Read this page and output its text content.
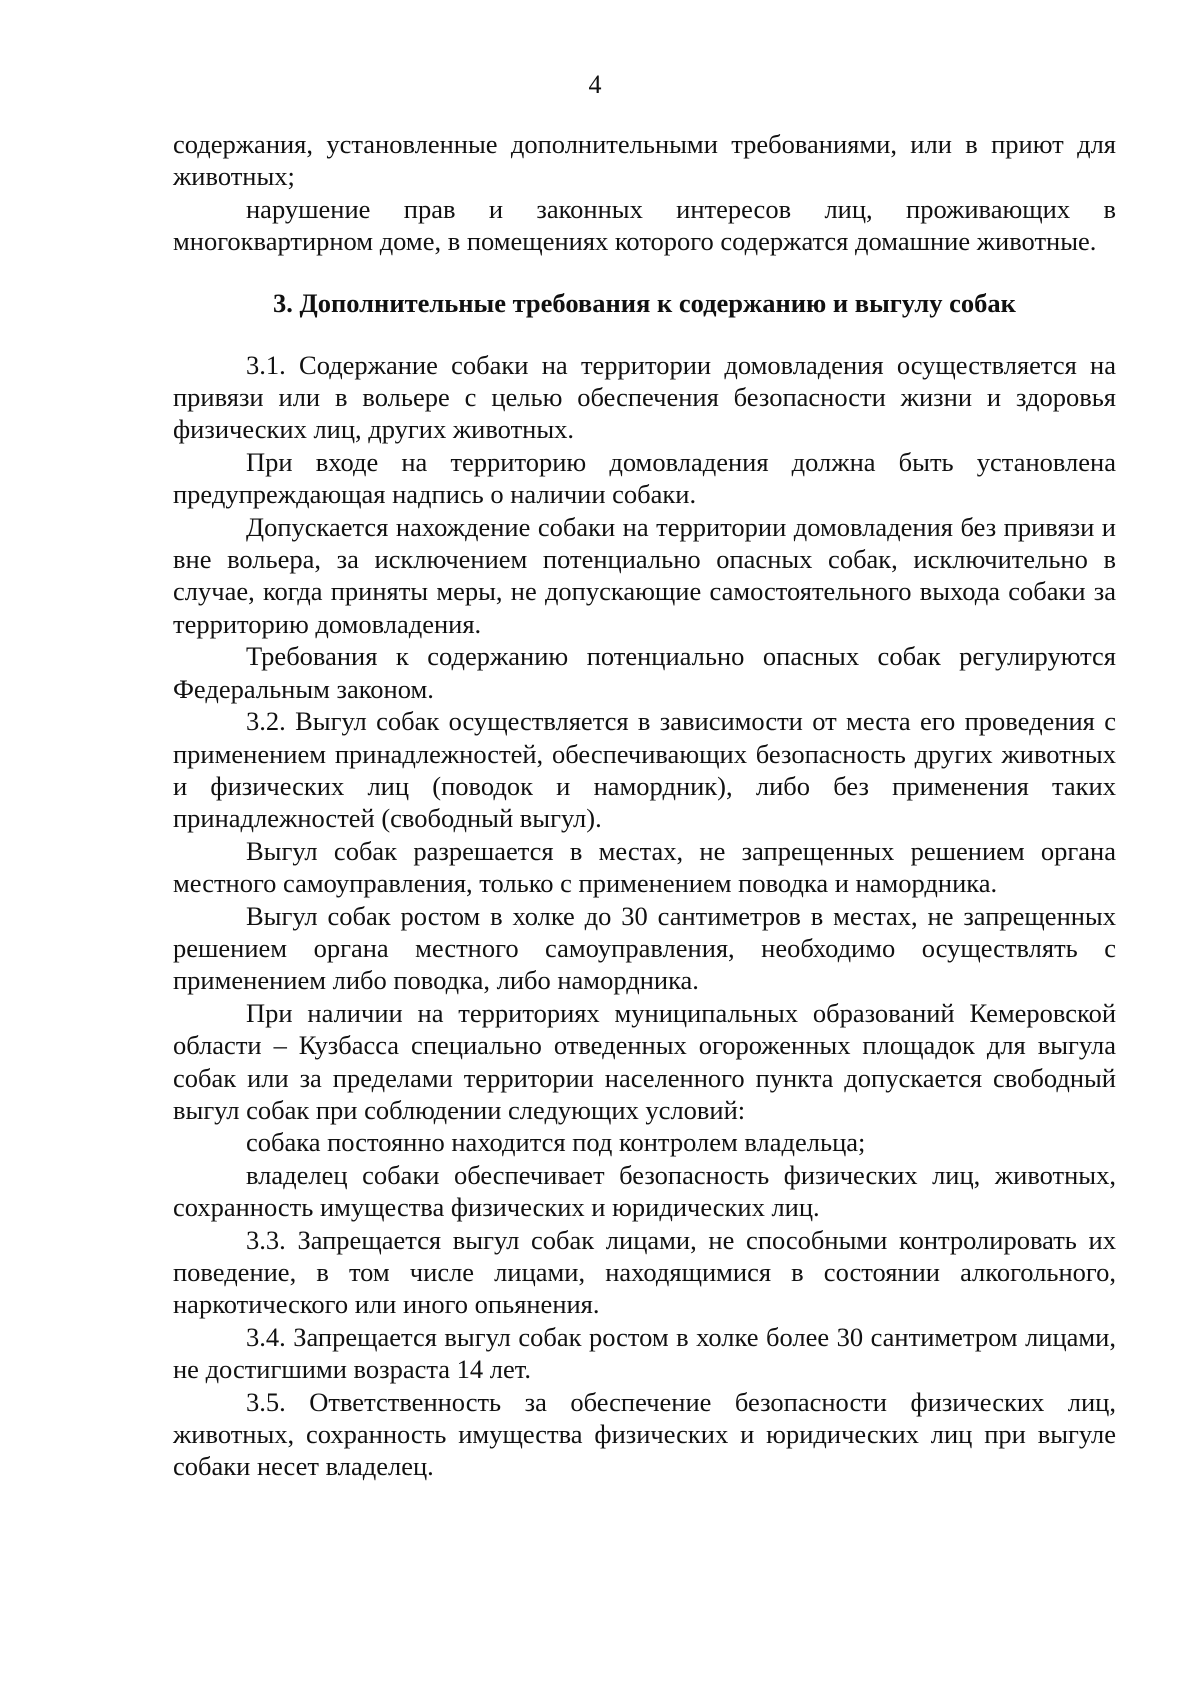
4

содержания, установленные дополнительными требованиями, или в приют для животных;

нарушение прав и законных интересов лиц, проживающих в многоквартирном доме, в помещениях которого содержатся домашние животные.

3. Дополнительные требования к содержанию и выгулу собак

3.1. Содержание собаки на территории домовладения осуществляется на привязи или в вольере с целью обеспечения безопасности жизни и здоровья физических лиц, других животных.

При входе на территорию домовладения должна быть установлена предупреждающая надпись о наличии собаки.

Допускается нахождение собаки на территории домовладения без привязи и вне вольера, за исключением потенциально опасных собак, исключительно в случае, когда приняты меры, не допускающие самостоятельного выхода собаки за территорию домовладения.

Требования к содержанию потенциально опасных собак регулируются Федеральным законом.

3.2. Выгул собак осуществляется в зависимости от места его проведения с применением принадлежностей, обеспечивающих безопасность других животных и физических лиц (поводок и намордник), либо без применения таких принадлежностей (свободный выгул).

Выгул собак разрешается в местах, не запрещенных решением органа местного самоуправления, только с применением поводка и намордника.

Выгул собак ростом в холке до 30 сантиметров в местах, не запрещенных решением органа местного самоуправления, необходимо осуществлять с применением либо поводка, либо намордника.

При наличии на территориях муниципальных образований Кемеровской области – Кузбасса специально отведенных огороженных площадок для выгула собак или за пределами территории населенного пункта допускается свободный выгул собак при соблюдении следующих условий:

собака постоянно находится под контролем владельца;

владелец собаки обеспечивает безопасность физических лиц, животных, сохранность имущества физических и юридических лиц.

3.3. Запрещается выгул собак лицами, не способными контролировать их поведение, в том числе лицами, находящимися в состоянии алкогольного, наркотического или иного опьянения.

3.4. Запрещается выгул собак ростом в холке более 30 сантиметром лицами, не достигшими возраста 14 лет.

3.5. Ответственность за обеспечение безопасности физических лиц, животных, сохранность имущества физических и юридических лиц при выгуле собаки несет владелец.
